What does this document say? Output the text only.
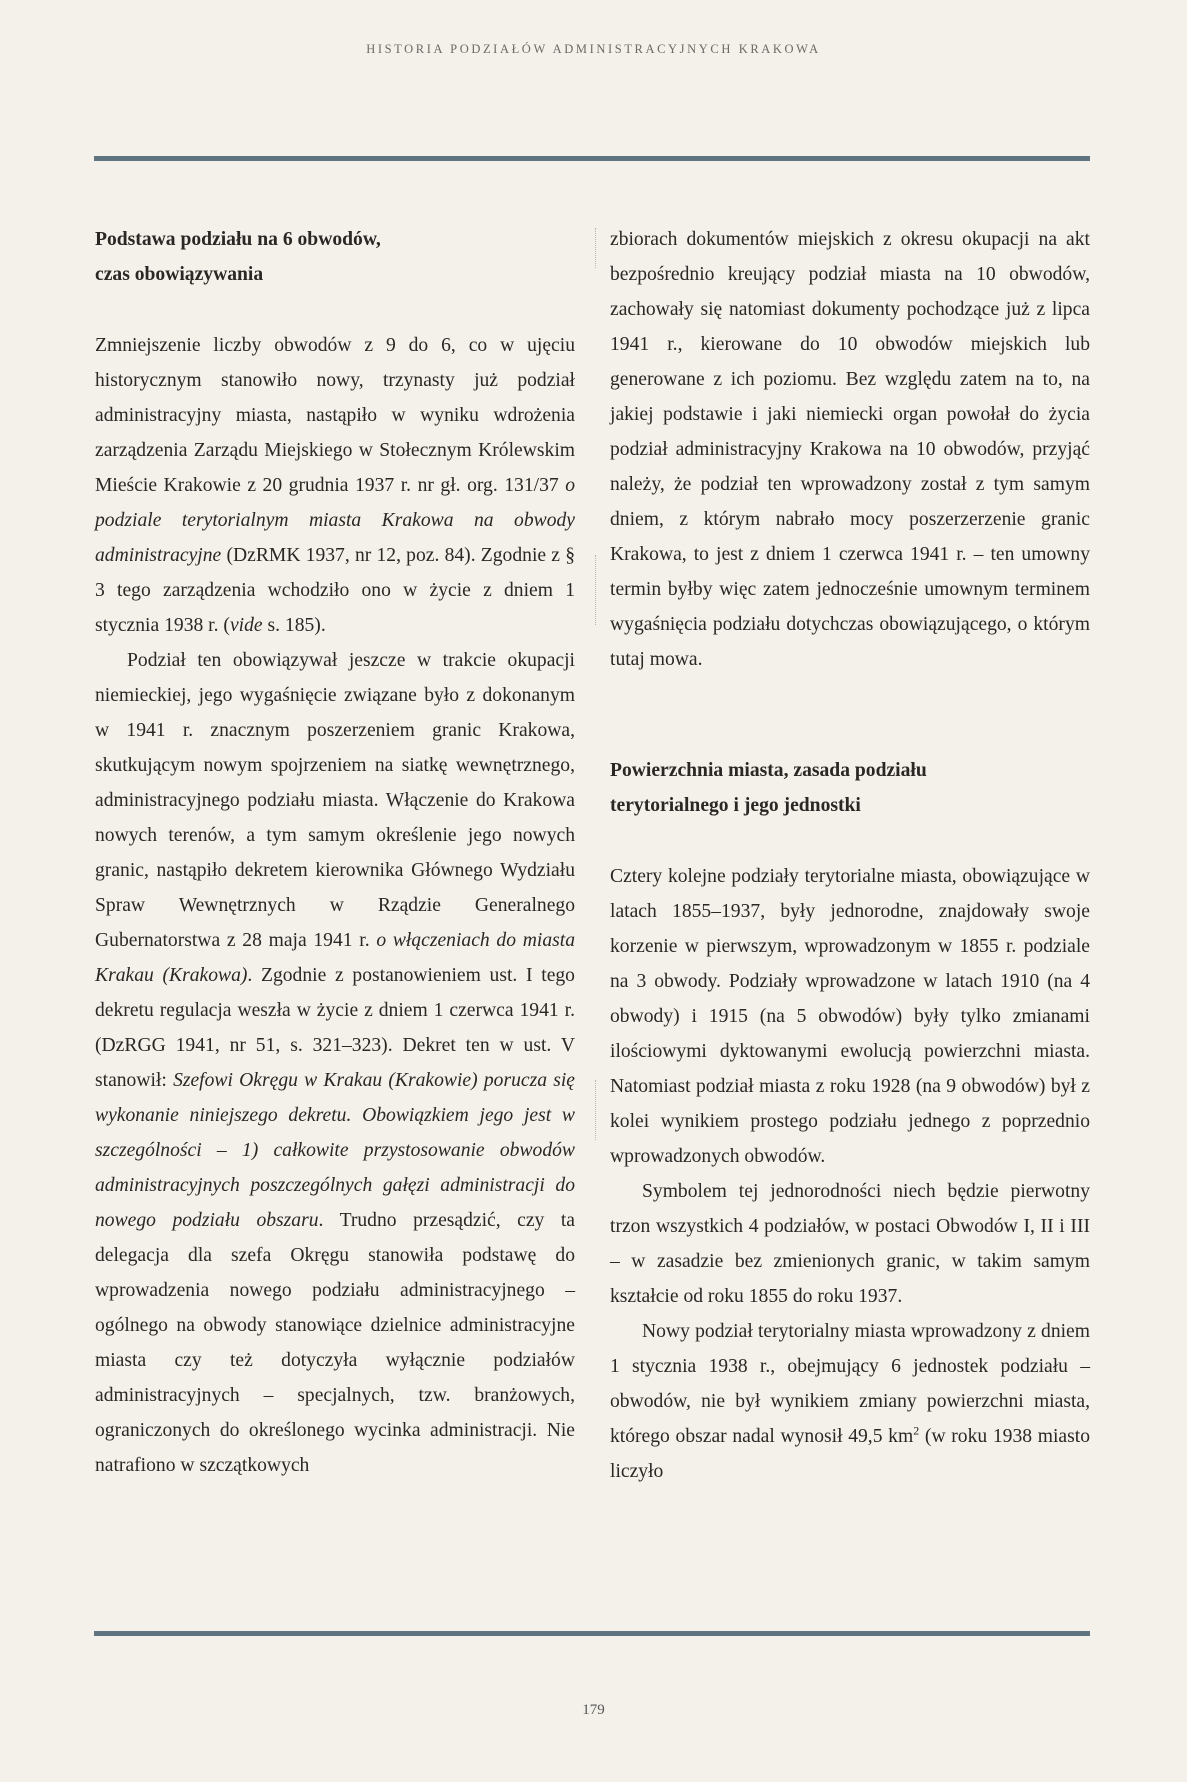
HISTORIA PODZIAŁÓW ADMINISTRACYJNYCH KRAKOWA

Podstawa podziału na 6 obwodów,
czas obowiązywania

Zmniejszenie liczby obwodów z 9 do 6, co w ujęciu historycznym stanowiło nowy, trzynasty już podział administracyjny miasta, nastąpiło w wyniku wdrożenia zarządzenia Zarządu Miejskiego w Stołecznym Królewskim Mieście Krakowie z 20 grudnia 1937 r. nr gł. org. 131/37 o podziale terytorialnym miasta Krakowa na obwody administracyjne (DzRMK 1937, nr 12, poz. 84). Zgodnie z § 3 tego zarządzenia wchodziło ono w życie z dniem 1 stycznia 1938 r. (vide s. 185).

Podział ten obowiązywał jeszcze w trakcie okupacji niemieckiej, jego wygaśnięcie związane było z dokonanym w 1941 r. znacznym poszerzeniem granic Krakowa, skutkującym nowym spojrzeniem na siatkę wewnętrznego, administracyjnego podziału miasta. Włączenie do Krakowa nowych terenów, a tym samym określenie jego nowych granic, nastąpiło dekretem kierownika Głównego Wydziału Spraw Wewnętrznych w Rządzie Generalnego Gubernatorstwa z 28 maja 1941 r. o włączeniach do miasta Krakau (Krakowa). Zgodnie z postanowieniem ust. I tego dekretu regulacja weszła w życie z dniem 1 czerwca 1941 r. (DzRGG 1941, nr 51, s. 321–323). Dekret ten w ust. V stanowił: Szefowi Okręgu w Krakau (Krakowie) porucza się wykonanie niniejszego dekretu. Obowiązkiem jego jest w szczególności – 1) całkowite przystosowanie obwodów administracyjnych poszczególnych gałęzi administracji do nowego podziału obszaru. Trudno przesądzić, czy ta delegacja dla szefa Okręgu stanowiła podstawę do wprowadzenia nowego podziału administracyjnego – ogólnego na obwody stanowiące dzielnice administracyjne miasta czy też dotyczyła wyłącznie podziałów administracyjnych – specjalnych, tzw. branżowych, ograniczonych do określonego wycinka administracji. Nie natrafiono w szczątkowych

zbiorach dokumentów miejskich z okresu okupacji na akt bezpośrednio kreujący podział miasta na 10 obwodów, zachowały się natomiast dokumenty pochodzące już z lipca 1941 r., kierowane do 10 obwodów miejskich lub generowane z ich poziomu. Bez względu zatem na to, na jakiej podstawie i jaki niemiecki organ powołał do życia podział administracyjny Krakowa na 10 obwodów, przyjąć należy, że podział ten wprowadzony został z tym samym dniem, z którym nabrało mocy poszerzerzenie granic Krakowa, to jest z dniem 1 czerwca 1941 r. – ten umowny termin byłby więc zatem jednocześnie umownym terminem wygaśnięcia podziału dotychczas obowiązującego, o którym tutaj mowa.

Powierzchnia miasta, zasada podziału
terytorialnego i jego jednostki

Cztery kolejne podziały terytorialne miasta, obowiązujące w latach 1855–1937, były jednorodne, znajdowały swoje korzenie w pierwszym, wprowadzonym w 1855 r. podziale na 3 obwody. Podziały wprowadzone w latach 1910 (na 4 obwody) i 1915 (na 5 obwodów) były tylko zmianami ilościowymi dyktowanymi ewolucją powierzchni miasta. Natomiast podział miasta z roku 1928 (na 9 obwodów) był z kolei wynikiem prostego podziału jednego z poprzednio wprowadzonych obwodów.

Symbolem tej jednorodności niech będzie pierwotny trzon wszystkich 4 podziałów, w postaci Obwodów I, II i III – w zasadzie bez zmienionych granic, w takim samym kształcie od roku 1855 do roku 1937.

Nowy podział terytorialny miasta wprowadzony z dniem 1 stycznia 1938 r., obejmujący 6 jednostek podziału – obwodów, nie był wynikiem zmiany powierzchni miasta, którego obszar nadal wynosił 49,5 $km^2$ (w roku 1938 miasto liczyło

179
